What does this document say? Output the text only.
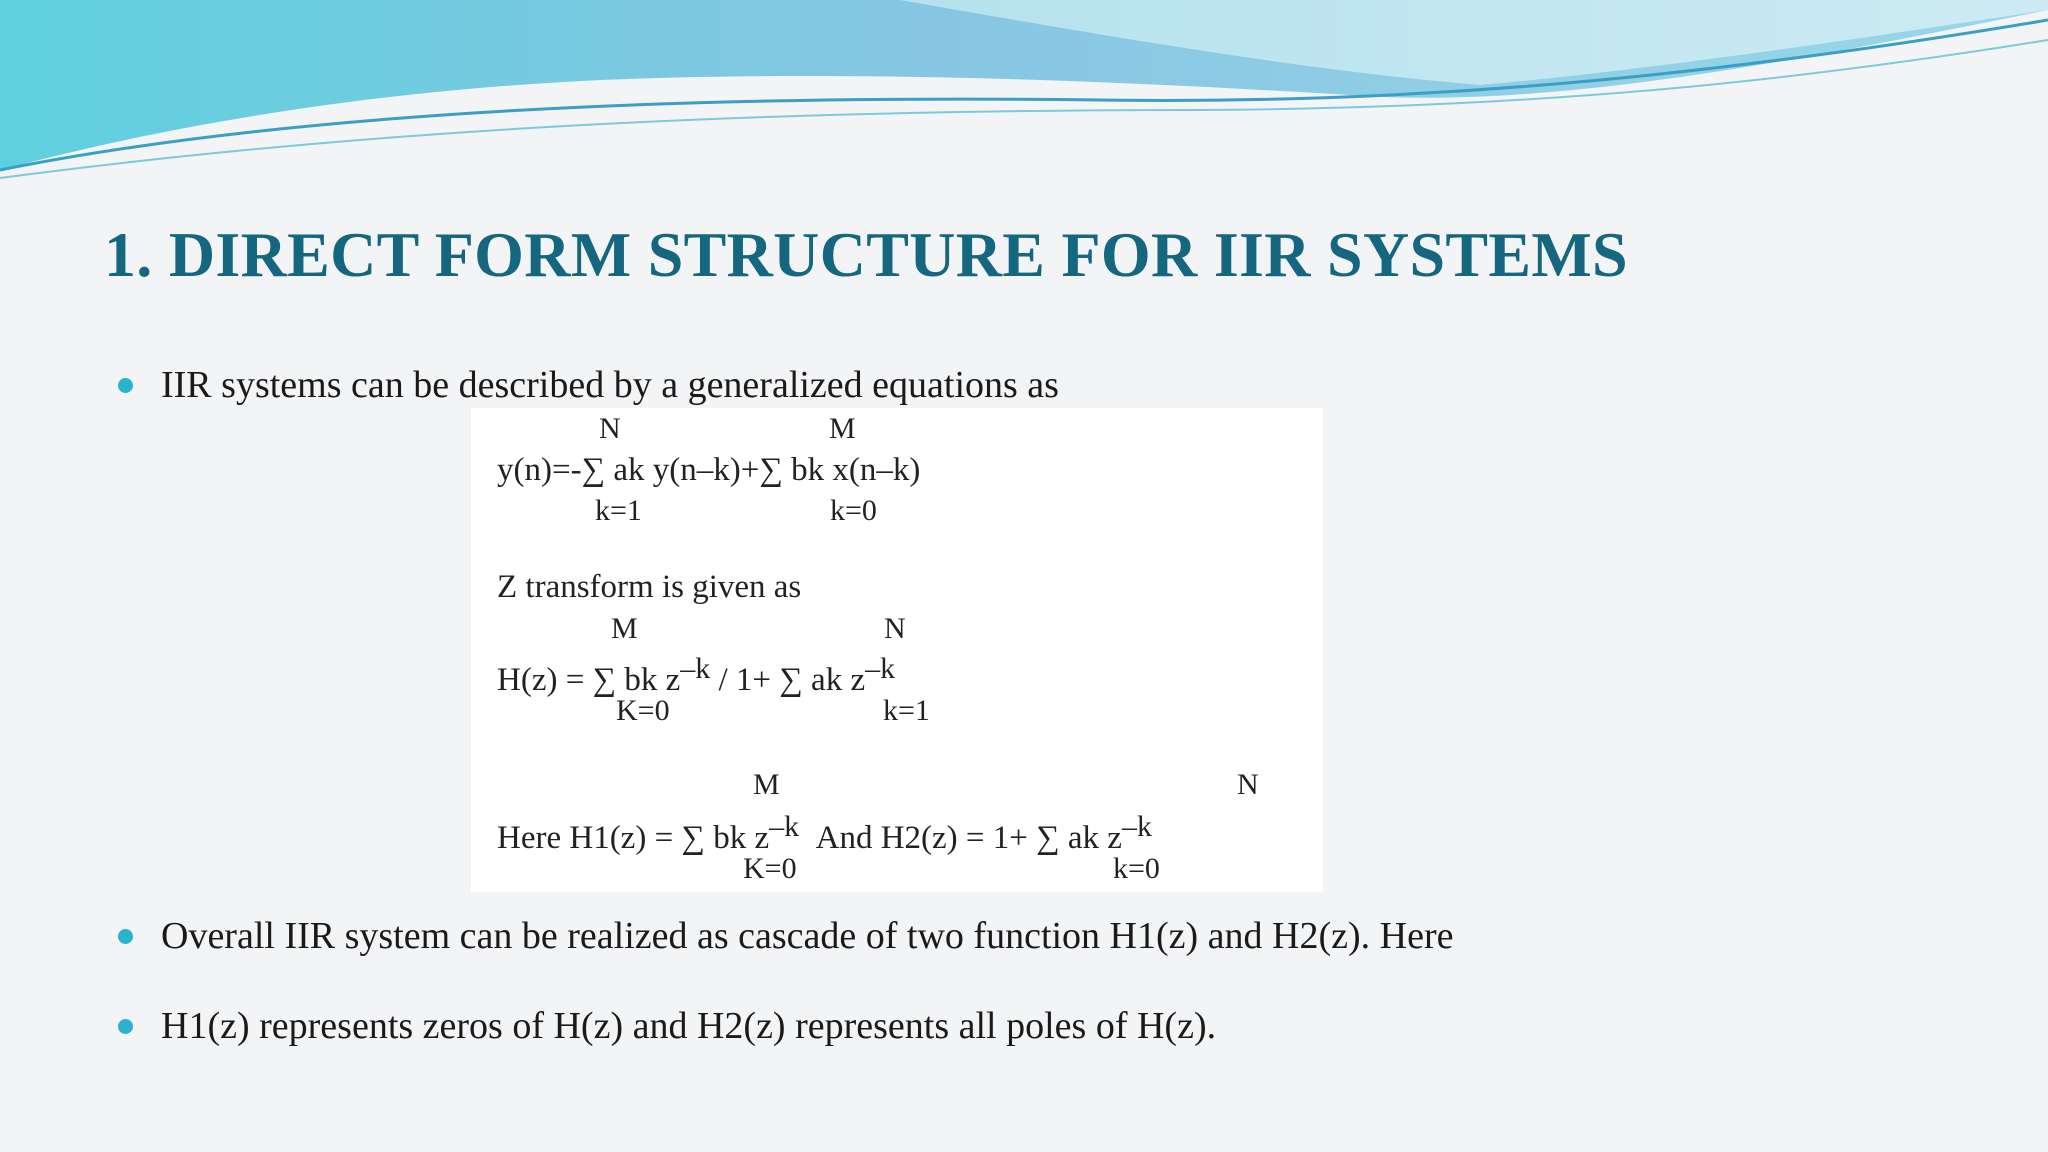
1. DIRECT FORM STRUCTURE FOR IIR SYSTEMS
IIR systems can be described by a generalized equations as
N	M
y(n)=-∑ ak y(n–k)+∑ bk x(n–k)
k=1	k=0
Z transform is given as
M	N
H(z) = ∑ bk $z^{-k} / 1+$ ∑ ak $z^{-k}$
K=0	k=1
M	N
Here H1(z) = ∑ bk $z^{-k}$ And H2(z) = 1+ ∑ ak $z^{-k}$
K=0	k=0
Overall IIR system can be realized as cascade of two function H1(z) and H2(z). Here
H1(z) represents zeros of H(z) and H2(z) represents all poles of H(z).
